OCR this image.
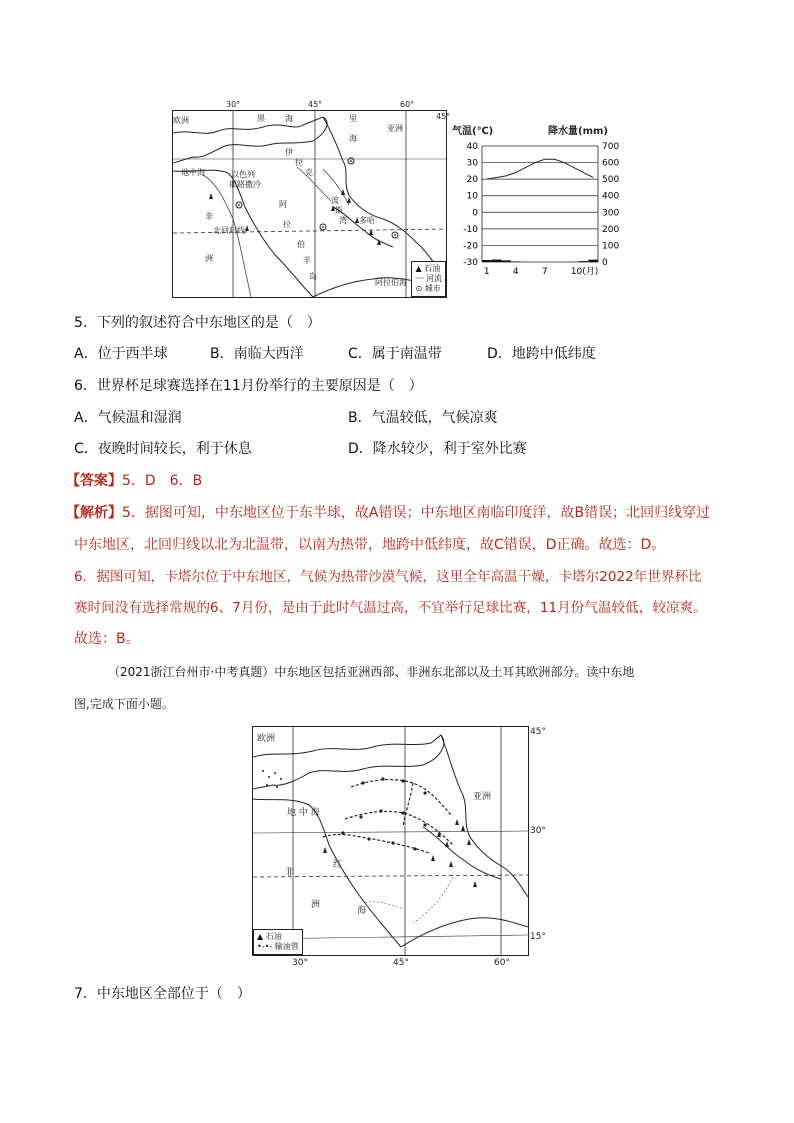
欧洲	黑	海	里
海
亚洲
地中海	以色列
耶路撒冷
伊
拉
克
波
斯
湾 多哈
非
洲
阿
拉
伯
半
岛
北回归线
阿拉伯海
▲ 石油
〰 河流
⊙ 城市
30°	45°	60°
45°
气温(℃)	降水量(mm)
40	700
30	600
20	500
10	400
0	300
-10	200
-20	100
-30	0
1	4	7	10(月)
5．下列的叙述符合中东地区的是（　）
A．位于西半球	B．南临大西洋	C．属于南温带	D．地跨中低纬度
6．世界杯足球赛选择在11月份举行的主要原因是（　）
A．气候温和湿润	B．气温较低，气候凉爽
C．夜晚时间较长，利于休息	D．降水较少，利于室外比赛
【答案】5．D　6．B
【解析】5．据图可知，中东地区位于东半球，故A错误；中东地区南临印度洋，故B错误；北回归线穿过
中东地区，北回归线以北为北温带，以南为热带，地跨中低纬度，故C错误，D正确。故选：D。
6．据图可知，卡塔尔位于中东地区，气候为热带沙漠气候，这里全年高温干燥，卡塔尔2022年世界杯比
赛时间没有选择常规的6、7月份，是由于此时气温过高，不宜举行足球比赛，11月份气温较低，较凉爽。
故选：B。
（2021浙江台州市·中考真题）中东地区包括亚洲西部、非洲东北部以及土耳其欧洲部分。读中东地
图,完成下面小题。
欧洲
亚洲
地 中 海
红
海
非
洲
▲ 石油
•-•- 输油管
45°
30°
15°
30°	45°	60°
7．中东地区全部位于（　）
